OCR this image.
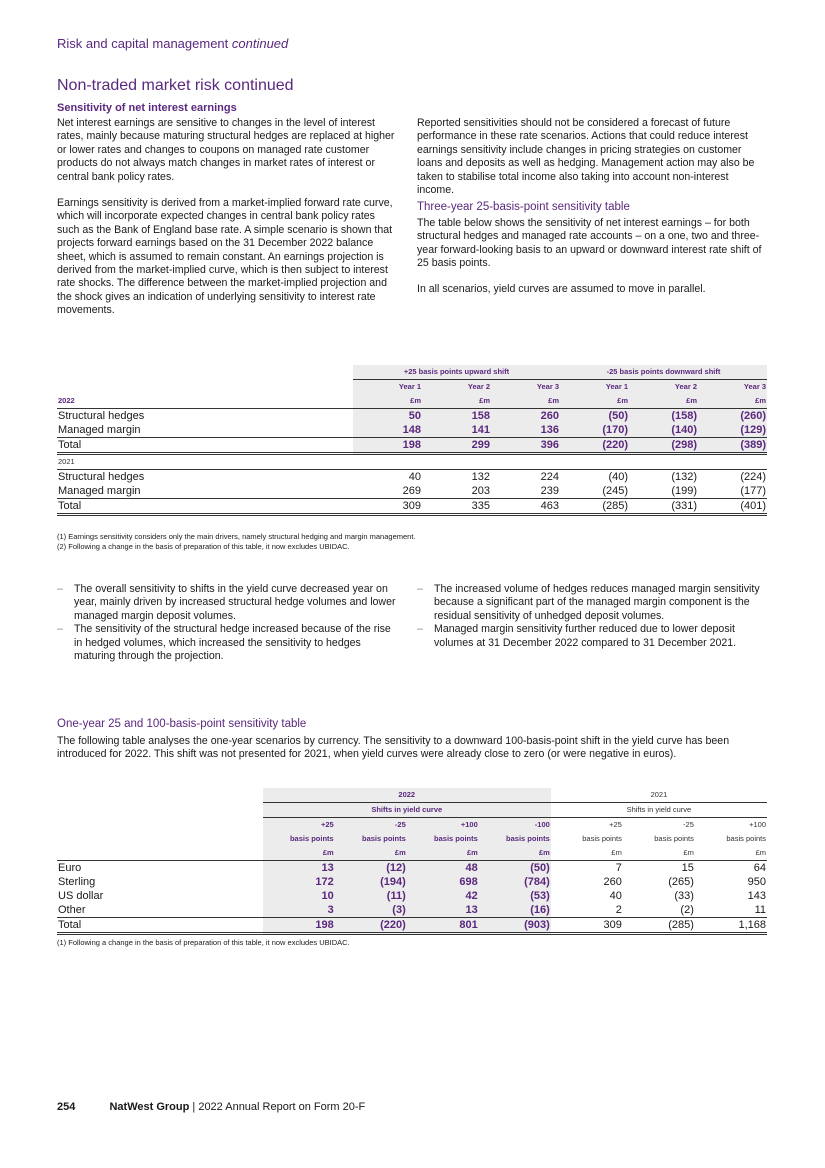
Risk and capital management continued
Non-traded market risk continued
Sensitivity of net interest earnings

Net interest earnings are sensitive to changes in the level of interest rates, mainly because maturing structural hedges are replaced at higher or lower rates and changes to coupons on managed rate customer products do not always match changes in market rates of interest or central bank policy rates.

Earnings sensitivity is derived from a market-implied forward rate curve, which will incorporate expected changes in central bank policy rates such as the Bank of England base rate. A simple scenario is shown that projects forward earnings based on the 31 December 2022 balance sheet, which is assumed to remain constant. An earnings projection is derived from the market-implied curve, which is then subject to interest rate shocks. The difference between the market-implied projection and the shock gives an indication of underlying sensitivity to interest rate movements.

Reported sensitivities should not be considered a forecast of future performance in these rate scenarios. Actions that could reduce interest earnings sensitivity include changes in pricing strategies on customer loans and deposits as well as hedging. Management action may also be taken to stabilise total income also taking into account non-interest income.

Three-year 25-basis-point sensitivity table

The table below shows the sensitivity of net interest earnings – for both structural hedges and managed rate accounts – on a one, two and three-year forward-looking basis to an upward or downward interest rate shift of 25 basis points.

In all scenarios, yield curves are assumed to move in parallel.

	+25 basis points upward shift			-25 basis points downward shift		
	Year 1	Year 2	Year 3	Year 1	Year 2	Year 3
2022	£m	£m	£m	£m	£m	£m
Structural hedges	50	158	260	(50)	(158)	(260)
Managed margin	148	141	136	(170)	(140)	(129)
Total	198	299	396	(220)	(298)	(389)
2021						
Structural hedges	40	132	224	(40)	(132)	(224)
Managed margin	269	203	239	(245)	(199)	(177)
Total	309	335	463	(285)	(331)	(401)
(1) Earnings sensitivity considers only the main drivers, namely structural hedging and margin management.
(2) Following a change in the basis of preparation of this table, it now excludes UBIDAC.
– The overall sensitivity to shifts in the yield curve decreased year on year, mainly driven by increased structural hedge volumes and lower managed margin deposit volumes.
– The sensitivity of the structural hedge increased because of the rise in hedged volumes, which increased the sensitivity to hedges maturing through the projection.
– The increased volume of hedges reduces managed margin sensitivity because a significant part of the managed margin component is the residual sensitivity of unhedged deposit volumes.
– Managed margin sensitivity further reduced due to lower deposit volumes at 31 December 2022 compared to 31 December 2021.
One-year 25 and 100-basis-point sensitivity table
The following table analyses the one-year scenarios by currency. The sensitivity to a downward 100-basis-point shift in the yield curve has been introduced for 2022. This shift was not presented for 2021, when yield curves were already close to zero (or were negative in euros).
	2022				2021		
	Shifts in yield curve				Shifts in yield curve		
	+25	-25	+100	-100	+25	-25	+100
	basis points	basis points	basis points	basis points	basis points	basis points	basis points
	£m	£m	£m	£m	£m	£m	£m
Euro	13	(12)	48	(50)	7	15	64
Sterling	172	(194)	698	(784)	260	(265)	950
US dollar	10	(11)	42	(53)	40	(33)	143
Other	3	(3)	13	(16)	2	(2)	11
Total	198	(220)	801	(903)	309	(285)	1,168
(1) Following a change in the basis of preparation of this table, it now excludes UBIDAC.
254	NatWest Group | 2022 Annual Report on Form 20-F
